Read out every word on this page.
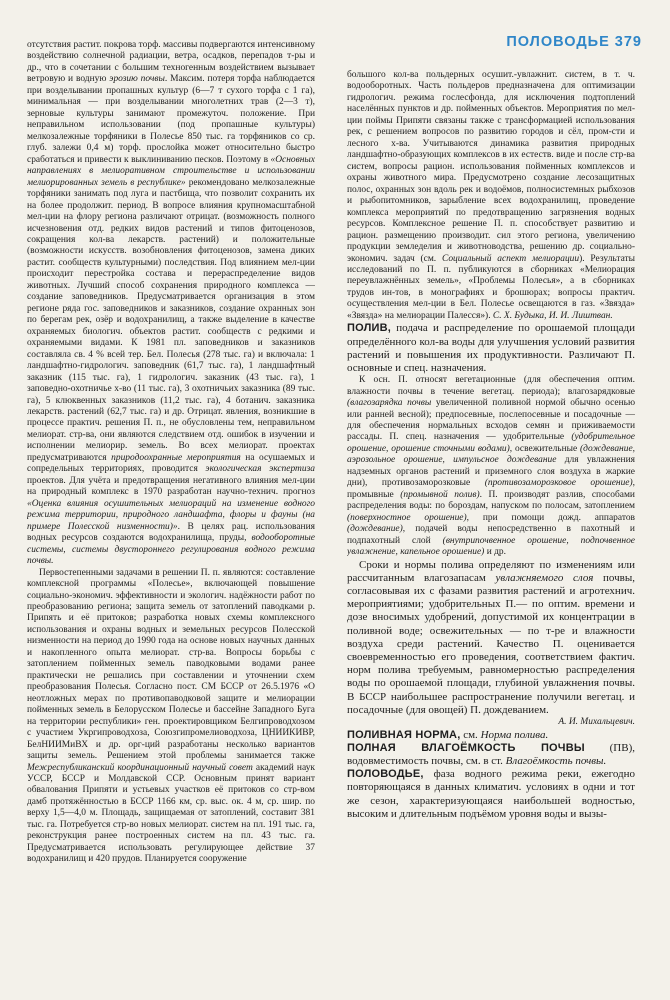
ПОЛОВОДЬЕ 379

отсутствия растит. покрова торф. массивы подвергаются интенсивному воздействию солнечной радиации, ветра, осадков, перепадов т-ры и др., что в сочетании с большим техногенным воздействием вызывает ветровую и водную эрозию почвы. Максим. потеря торфа наблюдается при возделывании пропашных культур (6—7 т сухого торфа с 1 га), минимальная — при возделывании многолетних трав (2—3 т), зерновые культуры занимают промежуточ. положение. При неправильном использовании (под пропашные культуры) мелкозалежные торфяники в Полесье 850 тыс. га торфяников со ср. глуб. залежи 0,4 м) торф. прослойка может относительно быстро сработаться и привести к выклиниванию песков. Поэтому в «Основных направлениях в мелиоративном строительстве и использовании мелиорированных земель в республике» рекомендовано мелкозалежные торфяники занимать под луга и пастбища, что позволит сохранить их на более продолжит. период. В вопросе влияния крупномасштабной мел-ции на флору региона различают отрицат. (возможность полного исчезновения отд. редких видов растений и типов фитоценозов, сокращения кол-ва лекарств. растений) и положительные (возможности искусств. возобновления фитоценозов, замена диких растит. сообществ культурными) последствия. Под влиянием мел-ции происходит перестройка состава и перераспределение видов животных. Лучший способ сохранения природного комплекса — создание заповедников. Предусматривается организация в этом регионе ряда гос. заповедников и заказников, создание охранных зон по берегам рек, озёр и водохранилищ, а также выделение в качестве охраняемых биологич. объектов растит. сообществ с редкими и охраняемыми видами. К 1981 пл. заповедников и заказников составляла св. 4 % всей тер. Бел. Полесья (278 тыс. га) и включала: 1 ландшафтно-гидрологич. заповедник (61,7 тыс. га), 1 ландшафтный заказник (115 тыс. га), 1 гидрологич. заказник (43 тыс. га), 1 заповедно-охотничье х-во (11 тыс. га), 3 охотничьих заказника (89 тыс. га), 5 клюквенных заказников (11,2 тыс. га), 4 ботанич. заказника лекарств. растений (62,7 тыс. га) и др. Отрицат. явления, возникшие в процессе практич. решения П. п., не обусловлены тем, неправильном мелиорат. стр-ва, они являются следствием отд. ошибок в изучении и исполнении мелиорир. земель. Во всех мелиорат. проектах предусматриваются природоохранные мероприятия на осушаемых и сопредельных территориях, проводится экологическая экспертиза проектов. Для учёта и предотвращения негативного влияния мел-ции на природный комплекс в 1970 разработан научно-технич. прогноз «Оценка влияния осушительных мелиораций на изменение водного режима территории, природного ландшафта, флоры и фауны (на примере Полесской низменности)». В целях рац. использования водных ресурсов создаются водохранилища, пруды, водооборотные системы, системы двустороннего регулирования водного режима почвы.

Первостепенными задачами в решении П. п. являются: составление комплексной программы «Полесье», включающей повышение социально-экономич. эффективности и экологич. надёжности работ по преобразованию региона; защита земель от затоплений паводками р. Припять и её притоков; разработка новых схемы комплексного использования и охраны водных и земельных ресурсов Полесской низменности на период до 1990 года на основе новых научных данных и накопленного опыта мелиорат. стр-ва. Вопросы борьбы с затоплением пойменных земель паводковыми водами ранее практически не решались при составлении и уточнении схем преобразования Полесья. Согласно пост. СМ БССР от 26.5.1976 «О неотложных мерах по противопаводковой защите и мелиорации пойменных земель в Белорусском Полесье и бассейне Западного Буга на территории республики» ген. проектировщиком Белгипроводхозом с участием Укргипроводхоза, Союзгипромелиоводхоза, ЦНИИКИВР, БелНИИМиВХ и др. орг-ций разработаны несколько вариантов защиты земель. Решением этой проблемы занимается также Межреспубликанский координационный научный совет академий наук УССР, БССР и Молдавской ССР. Основным принят вариант обвалования Припяти и устьевых участков её притоков со стр-вом дамб протяжённостью в БССР 1166 км, ср. выс. ок. 4 м, ср. шир. по верху 1,5—4,0 м. Площадь, защищаемая от затоплений, составит 381 тыс. га. Потребуется стр-во новых мелиорат. систем на пл. 191 тыс. га, реконструкция ранее построенных систем на пл. 43 тыс. га. Предусматривается использовать регулирующее действие 37 водохранилищ и 420 прудов. Планируется сооружение

большого кол-ва польдерных осушит.-увлажнит. систем, в т. ч. водооборотных. Часть польдеров предназначена для оптимизации гидрологич. режима гослесфонда, для исключения подтоплений населённых пунктов и др. пойменных объектов. Мероприятия по мел-ции поймы Припяти связаны также с трансформацией использования рек, с решением вопросов по развитию городов и сёл, пром-сти и лесного х-ва. Учитываются динамика развития природных ландшафтно-образующих комплексов в их естеств. виде и после стр-ва систем, вопросы рацион. использования пойменных комплексов и охраны животного мира. Предусмотрено создание лесозащитных полос, охранных зон вдоль рек и водоёмов, полносистемных рыбхозов и рыбопитомников, зарыбление всех водохранилищ, проведение комплекса мероприятий по предотвращению загрязнения водных ресурсов. Комплексное решение П. п. способствует развитию и рацион. размещению производит. сил этого региона, увеличению продукции земледелия и животноводства, решению др. социально-экономич. задач (см. Социальный аспект мелиорации). Результаты исследований по П. п. публикуются в сборниках «Мелиорация переувлажнённых земель», «Проблемы Полесья», а в сборниках трудов ин-тов, в монографиях и брошюрах; вопросы практич. осуществления мел-ции в Бел. Полесье освещаются в газ. «Звязда» «Звязда» на мелиорации Палесся»). С. Х. Будыка, И. И. Лиштван.

ПОЛИВ, подача и распределение по орошаемой площади определённого кол-ва воды для улучшения условий развития растений и повышения их продуктивности. Различают П. основные и спец. назначения.

К осн. П. относят вегетационные (для обеспечения оптим. влажности почвы в течение вегетац. периода); влагозарядковые (влагозарядка почвы увеличенной поливной нормой обычно осенью или ранней весной); предпосевные, послепосевные и посадочные — для обеспечения нормальных всходов семян и приживаемости рассады. П. спец. назначения — удобрительные (удобрительное орошение, орошение сточными водами), освежительные (дождевание, аэрозольное орошение, импульсное дождевание для увлажнения надземных органов растений и приземного слоя воздуха в жаркие дни), противозаморозковые (противозаморозковое орошение), промывные (промывной полив). П. производят разлив, способами распределения воды: по бороздам, напуском по полосам, затоплением (поверхностное орошение), при помощи дожд. аппаратов (дождевание), подачей воды непосредственно в пахотный и подпахотный слой (внутрипочвенное орошение, подпочвенное увлажнение, капельное орошение) и др.

Сроки и нормы полива определяют по изменениям или рассчитанным влагозапасам увлажняемого слоя почвы, согласовывая их с фазами развития растений и агротехнич. мероприятиями; удобрительных П.— по оптим. времени и дозе вносимых удобрений, допустимой их концентрации в поливной воде; освежительных — по т-ре и влажности воздуха среди растений. Качество П. оценивается своевременностью его проведения, соответствием фактич. норм полива требуемым, равномерностью распределения воды по орошаемой площади, глубиной увлажнения почвы. В БССР наибольшее распространение получили вегетац. и посадочные (для овощей) П. дождеванием.

А. И. Михальцевич.

ПОЛИВНАЯ НОРМА, см. Норма полива.

ПОЛНАЯ ВЛАГОЁМКОСТЬ ПОЧВЫ (ПВ), водовместимость почвы, см. в ст. Влагоёмкость почвы.

ПОЛОВОДЬЕ, фаза водного режима реки, ежегодно повторяющаяся в данных климатич. условиях в одни и тот же сезон, характеризующаяся наибольшей водностью, высоким и длительным подъёмом уровня воды и вызы-
